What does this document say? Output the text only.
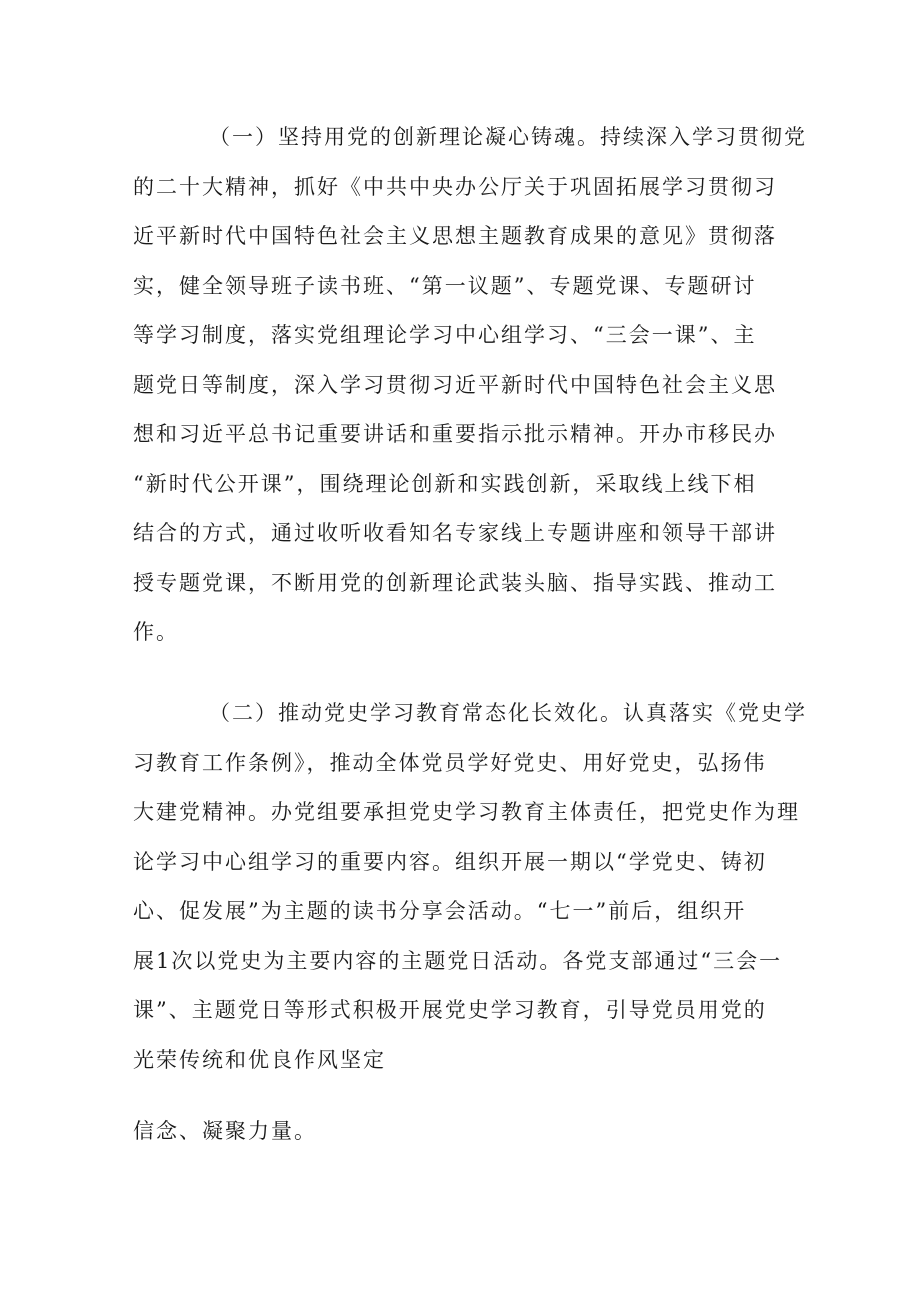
（一）坚持用党的创新理论凝心铸魂。持续深入学习贯彻党
的二十大精神，抓好《中共中央办公厅关于巩固拓展学习贯彻习
近平新时代中国特色社会主义思想主题教育成果的意见》贯彻落
实，健全领导班子读书班、“第一议题”、专题党课、专题研讨
等学习制度，落实党组理论学习中心组学习、“三会一课”、主
题党日等制度，深入学习贯彻习近平新时代中国特色社会主义思
想和习近平总书记重要讲话和重要指示批示精神。开办市移民办
“新时代公开课”，围绕理论创新和实践创新，采取线上线下相
结合的方式，通过收听收看知名专家线上专题讲座和领导干部讲
授专题党课，不断用党的创新理论武装头脑、指导实践、推动工
作。
（二）推动党史学习教育常态化长效化。认真落实《党史学
习教育工作条例》，推动全体党员学好党史、用好党史，弘扬伟
大建党精神。办党组要承担党史学习教育主体责任，把党史作为理
论学习中心组学习的重要内容。组织开展一期以“学党史、铸初
心、促发展”为主题的读书分享会活动。“七一”前后，组织开
展1次以党史为主要内容的主题党日活动。各党支部通过“三会一
课”、主题党日等形式积极开展党史学习教育，引导党员用党的
光荣传统和优良作风坚定
信念、凝聚力量。
